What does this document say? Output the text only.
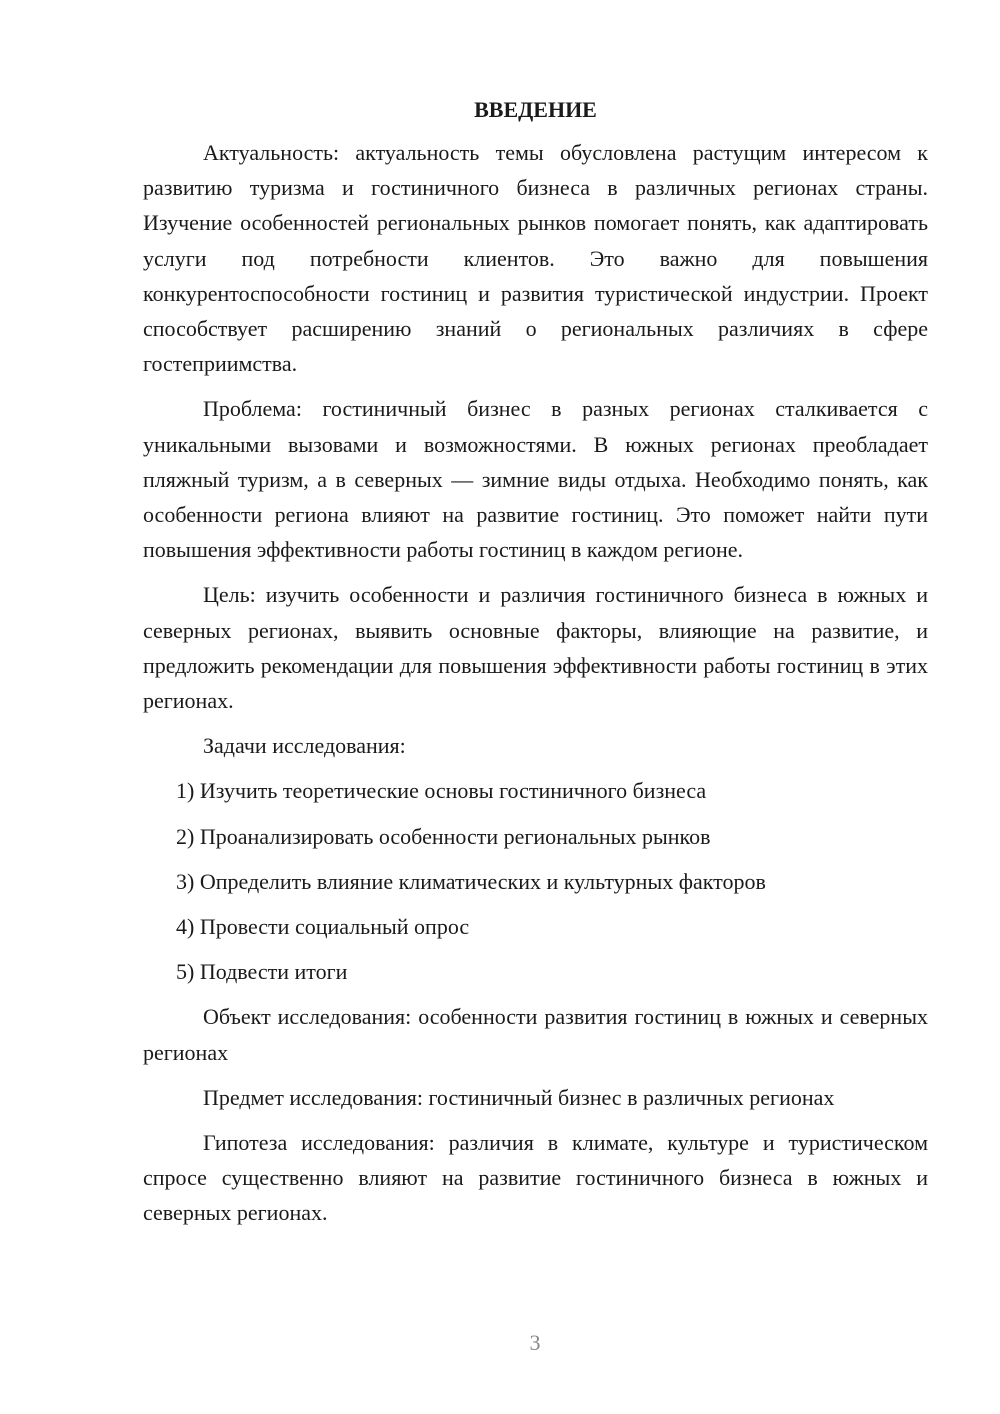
ВВЕДЕНИЕ

Актуальность: актуальность темы обусловлена растущим интересом к развитию туризма и гостиничного бизнеса в различных регионах страны. Изучение особенностей региональных рынков помогает понять, как адаптировать услуги под потребности клиентов. Это важно для повышения конкурентоспособности гостиниц и развития туристической индустрии. Проект способствует расширению знаний о региональных различиях в сфере гостеприимства.

Проблема: гостиничный бизнес в разных регионах сталкивается с уникальными вызовами и возможностями. В южных регионах преобладает пляжный туризм, а в северных — зимние виды отдыха. Необходимо понять, как особенности региона влияют на развитие гостиниц. Это поможет найти пути повышения эффективности работы гостиниц в каждом регионе.

Цель: изучить особенности и различия гостиничного бизнеса в южных и северных регионах, выявить основные факторы, влияющие на развитие, и предложить рекомендации для повышения эффективности работы гостиниц в этих регионах.

Задачи исследования:

1) Изучить теоретические основы гостиничного бизнеса
2) Проанализировать особенности региональных рынков
3) Определить влияние климатических и культурных факторов
4) Провести социальный опрос
5) Подвести итоги

Объект исследования: особенности развития гостиниц в южных и северных регионах

Предмет исследования: гостиничный бизнес в различных регионах

Гипотеза исследования: различия в климате, культуре и туристическом спросе существенно влияют на развитие гостиничного бизнеса в южных и северных регионах.

3
